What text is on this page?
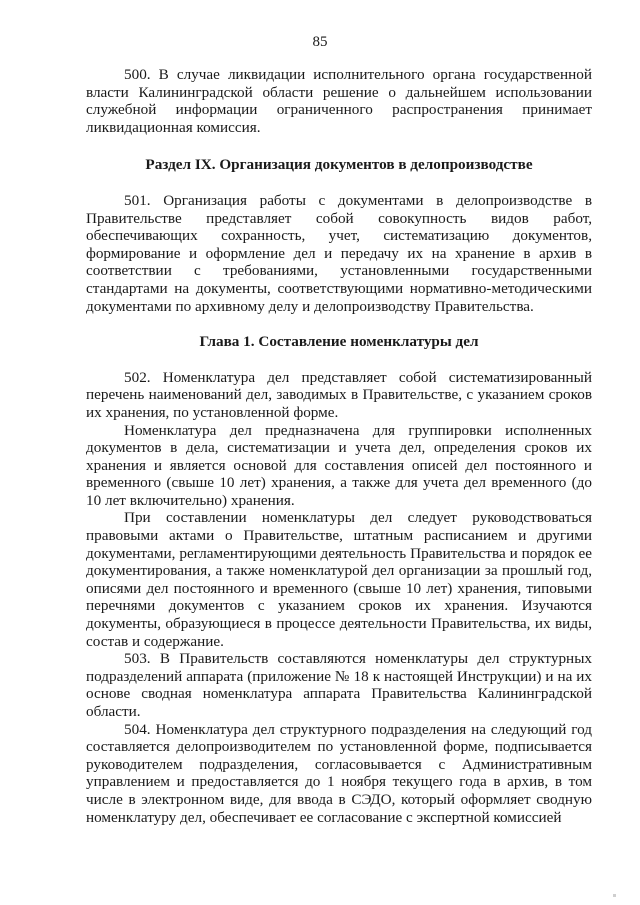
85

500. В случае ликвидации исполнительного органа государственной власти Калининградской области решение о дальнейшем использовании служебной информации ограниченного распространения принимает ликвидационная комиссия.

Раздел IX. Организация документов в делопроизводстве

501. Организация работы с документами в делопроизводстве в Правительстве представляет собой совокупность видов работ, обеспечивающих сохранность, учет, систематизацию документов, формирование и оформление дел и передачу их на хранение в архив в соответствии с требованиями, установленными государственными стандартами на документы, соответствующими нормативно-методическими документами по архивному делу и делопроизводству Правительства.

Глава 1. Составление номенклатуры дел

502. Номенклатура дел представляет собой систематизированный перечень наименований дел, заводимых в Правительстве, с указанием сроков их хранения, по установленной форме.

Номенклатура дел предназначена для группировки исполненных документов в дела, систематизации и учета дел, определения сроков их хранения и является основой для составления описей дел постоянного и временного (свыше 10 лет) хранения, а также для учета дел временного (до 10 лет включительно) хранения.

При составлении номенклатуры дел следует руководствоваться правовыми актами о Правительстве, штатным расписанием и другими документами, регламентирующими деятельность Правительства и порядок ее документирования, а также номенклатурой дел организации за прошлый год, описями дел постоянного и временного (свыше 10 лет) хранения, типовыми перечнями документов с указанием сроков их хранения. Изучаются документы, образующиеся в процессе деятельности Правительства, их виды, состав и содержание.

503. В Правительств составляются номенклатуры дел структурных подразделений аппарата (приложение № 18 к настоящей Инструкции) и на их основе сводная номенклатура аппарата Правительства Калининградской области.

504. Номенклатура дел структурного подразделения на следующий год составляется делопроизводителем по установленной форме, подписывается руководителем подразделения, согласовывается с Административным управлением и предоставляется до 1 ноября текущего года в архив, в том числе в электронном виде, для ввода в СЭДО, который оформляет сводную номенклатуру дел, обеспечивает ее согласование с экспертной комиссией
